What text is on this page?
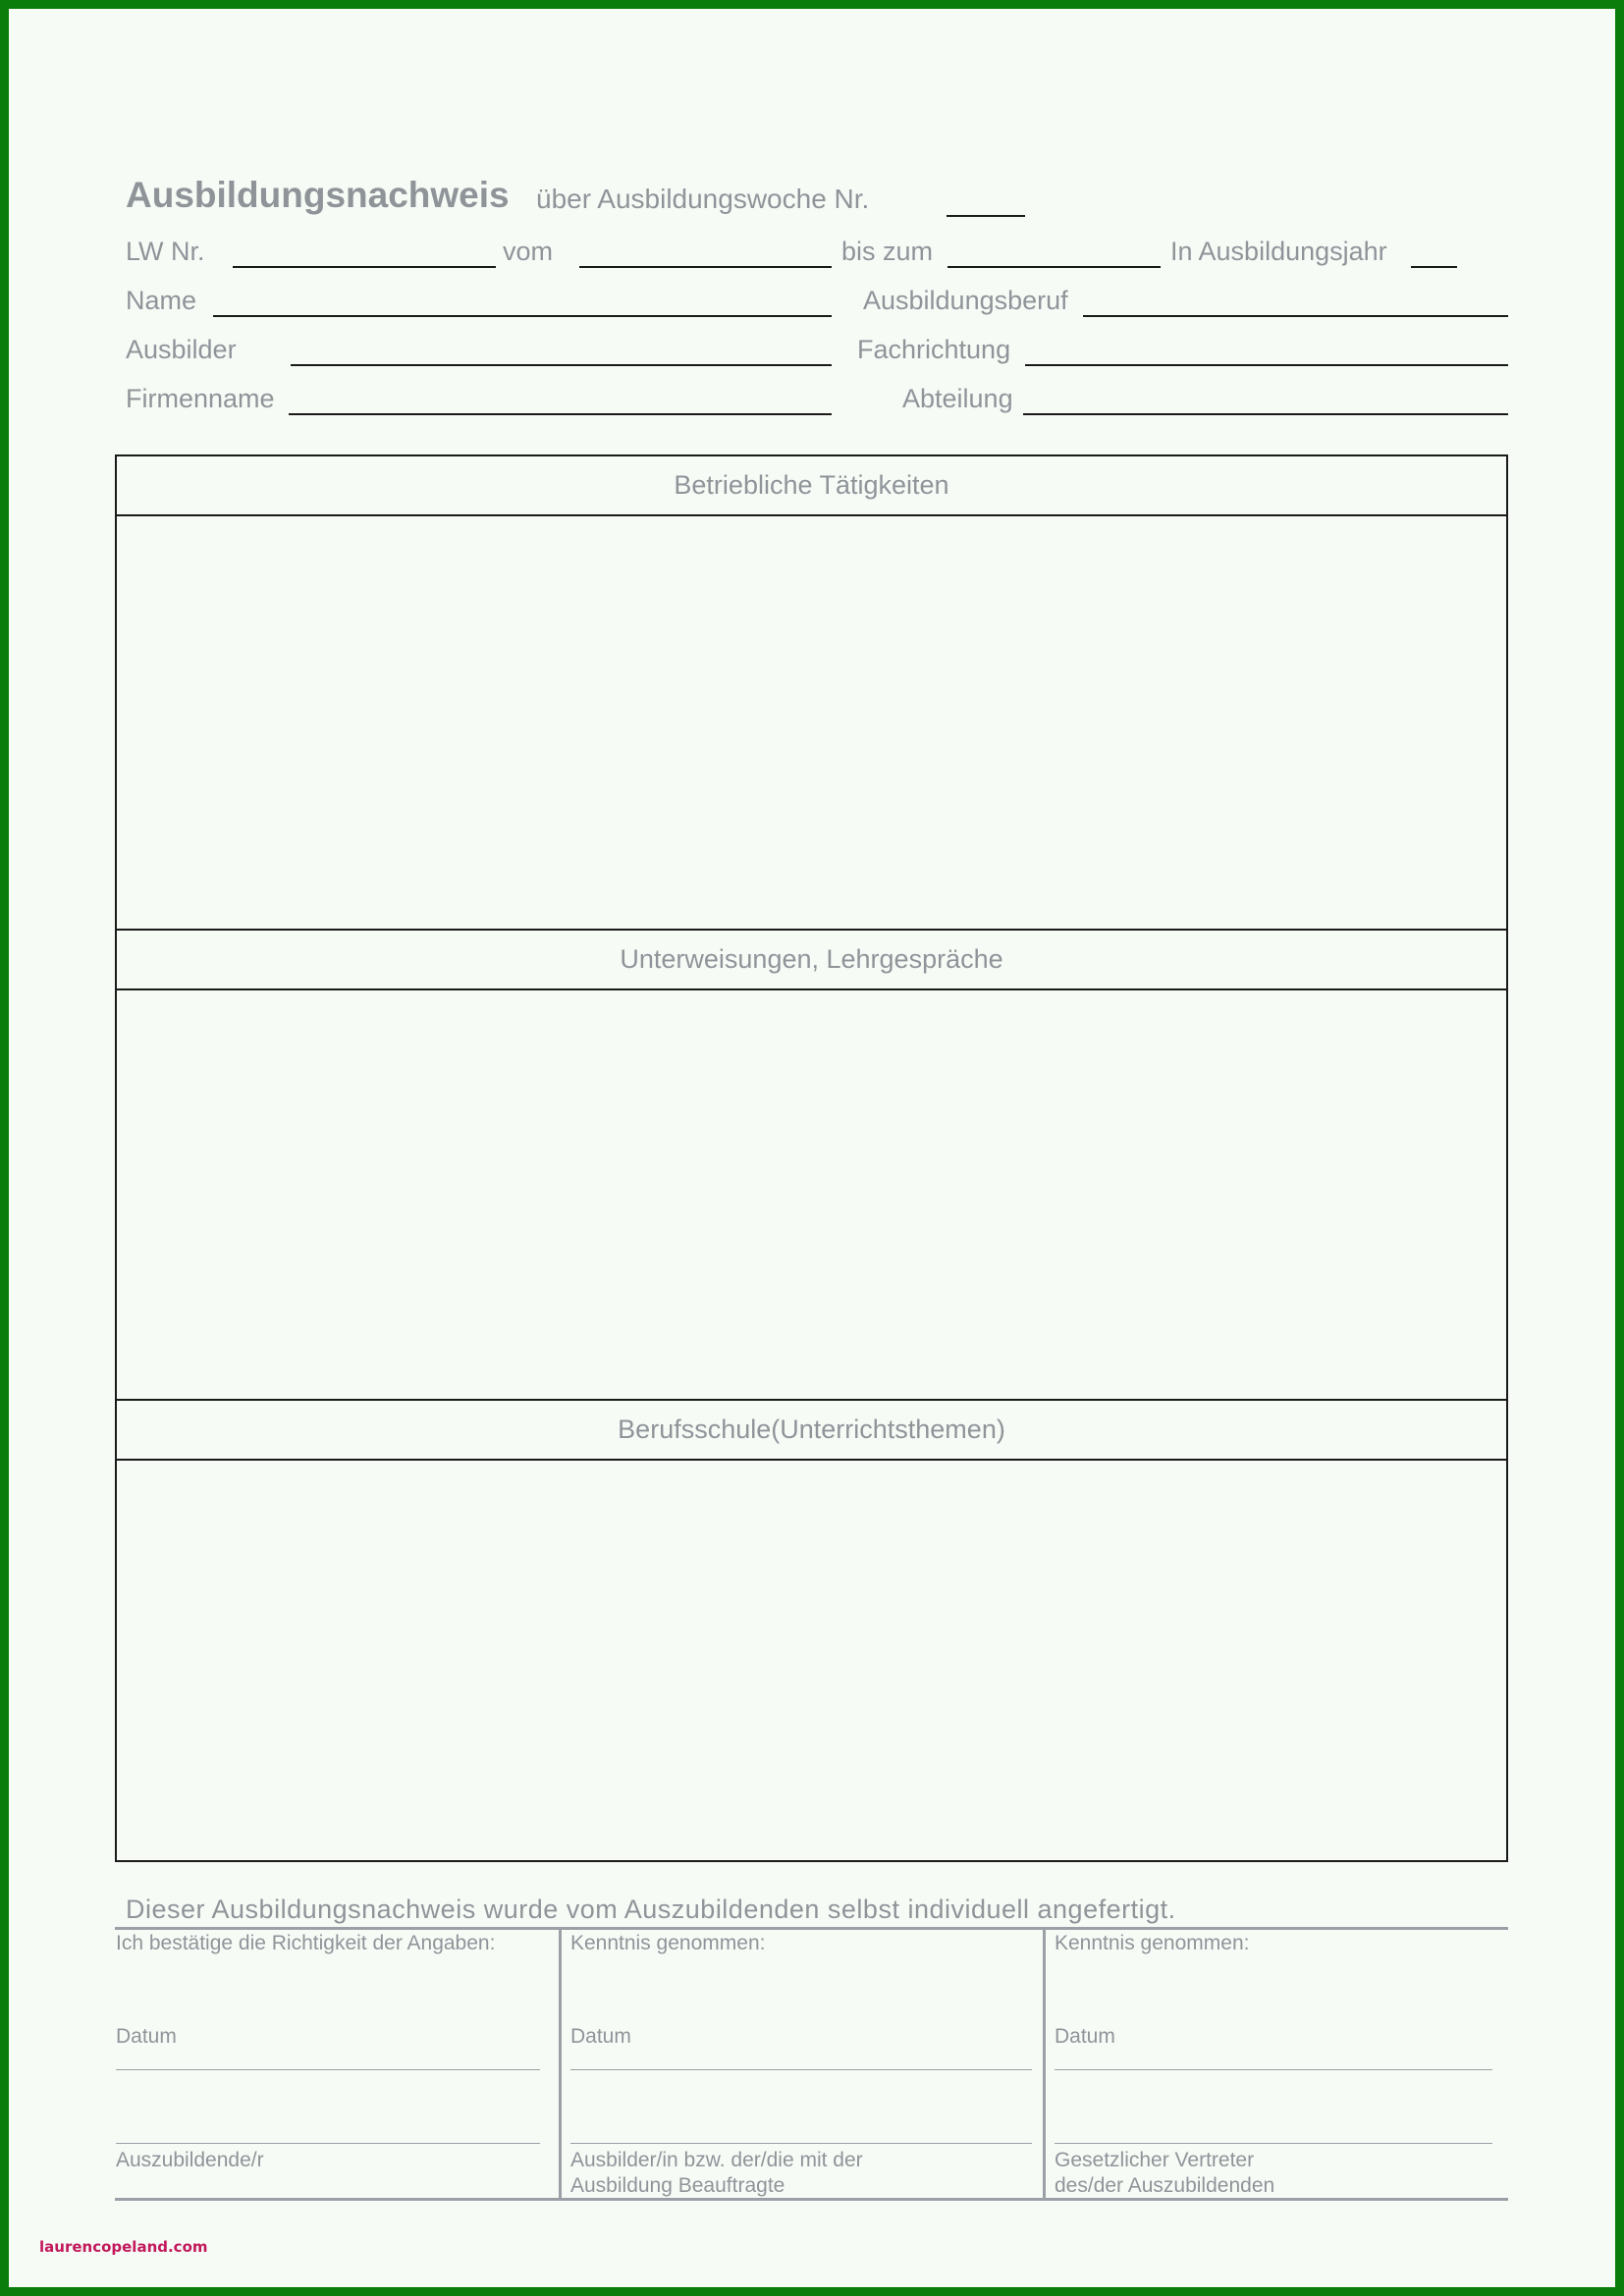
Ausbildungsnachweis über Ausbildungswoche Nr.
LW Nr.	vom	bis zum	In Ausbildungsjahr
Name	Ausbildungsberuf
Ausbilder	Fachrichtung
Firmenname	Abteilung
Betriebliche Tätigkeiten
Unterweisungen, Lehrgespräche
Berufsschule(Unterrichtsthemen)
Dieser Ausbildungsnachweis wurde vom Auszubildenden selbst individuell angefertigt.
Ich bestätige die Richtigkeit der Angaben:
Datum
Auszubildende/r
Kenntnis genommen:
Datum
Ausbilder/in bzw. der/die mit der
Ausbildung Beauftragte
Kenntnis genommen:
Datum
Gesetzlicher Vertreter
des/der Auszubildenden
laurencopeland.com
